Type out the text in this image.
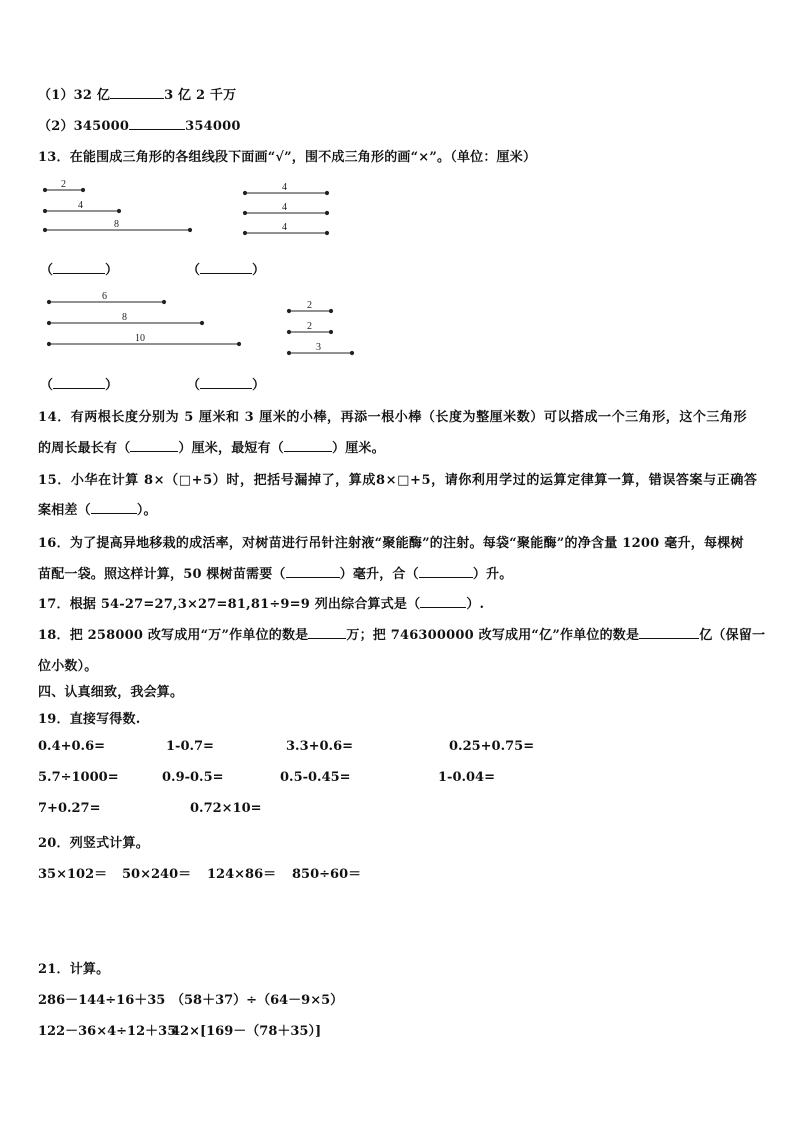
（1）32 亿	3 亿 2 千万
（2）345000	354000
13．在能围成三角形的各组线段下面画“√”，围不成三角形的画“×”。（单位：厘米）
2
4
8
4
4
4
6
8
10
2
2
3
（	）	（	）
（	）	（	）
14．有两根长度分别为 5 厘米和 3 厘米的小棒，再添一根小棒（长度为整厘米数）可以搭成一个三角形，这个三角形
的周长最长有（	）厘米，最短有（	）厘米。
15．小华在计算 8×（□+5）时，把括号漏掉了，算成8×□+5，请你利用学过的运算定律算一算，错误答案与正确答
案相差（	）。
16．为了提高异地移栽的成活率，对树苗进行吊针注射液“聚能酶”的注射。每袋“聚能酶”的净含量 1200 毫升，每棵树
苗配一袋。照这样计算，50 棵树苗需要（	）毫升，合（	）升。
17．根据 54-27=27,3×27=81,81÷9=9 列出综合算式是（	）.
18．把 258000 改写成用“万”作单位的数是	万；把 746300000 改写成用“亿”作单位的数是	亿（保留一
位小数）。
四、认真细致，我会算。
19．直接写得数.
0.4+0.6=	1-0.7=	3.3+0.6=	0.25+0.75=
5.7÷1000=	0.9-0.5=	0.5-0.45=	1-0.04=
7+0.27=	0.72×10=
20．列竖式计算。
35×102＝ 50×240＝ 124×86＝ 850÷60＝
21．计算。
286－144÷16＋35 （58＋37）÷（64－9×5）
122－36×4÷12＋35
42×[169－（78＋35）]
